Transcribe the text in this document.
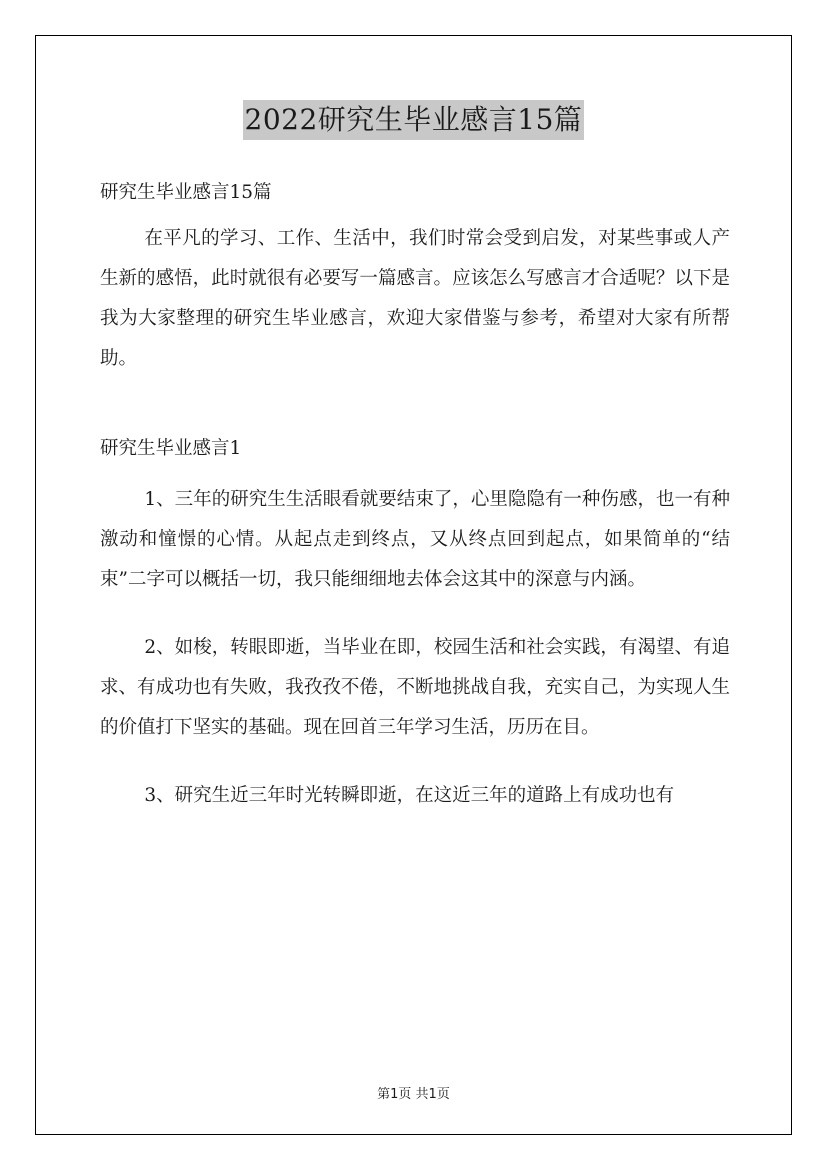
2022研究生毕业感言15篇

研究生毕业感言15篇

在平凡的学习、工作、生活中，我们时常会受到启发，对某些事或人产生新的感悟，此时就很有必要写一篇感言。应该怎么写感言才合适呢？以下是我为大家整理的研究生毕业感言，欢迎大家借鉴与参考，希望对大家有所帮助。

研究生毕业感言1

1、三年的研究生生活眼看就要结束了，心里隐隐有一种伤感，也一有种激动和憧憬的心情。从起点走到终点，又从终点回到起点，如果简单的“结束”二字可以概括一切，我只能细细地去体会这其中的深意与内涵。

2、如梭，转眼即逝，当毕业在即，校园生活和社会实践，有渴望、有追求、有成功也有失败，我孜孜不倦，不断地挑战自我，充实自己，为实现人生的价值打下坚实的基础。现在回首三年学习生活，历历在目。

3、研究生近三年时光转瞬即逝，在这近三年的道路上有成功也有

第1页 共1页
